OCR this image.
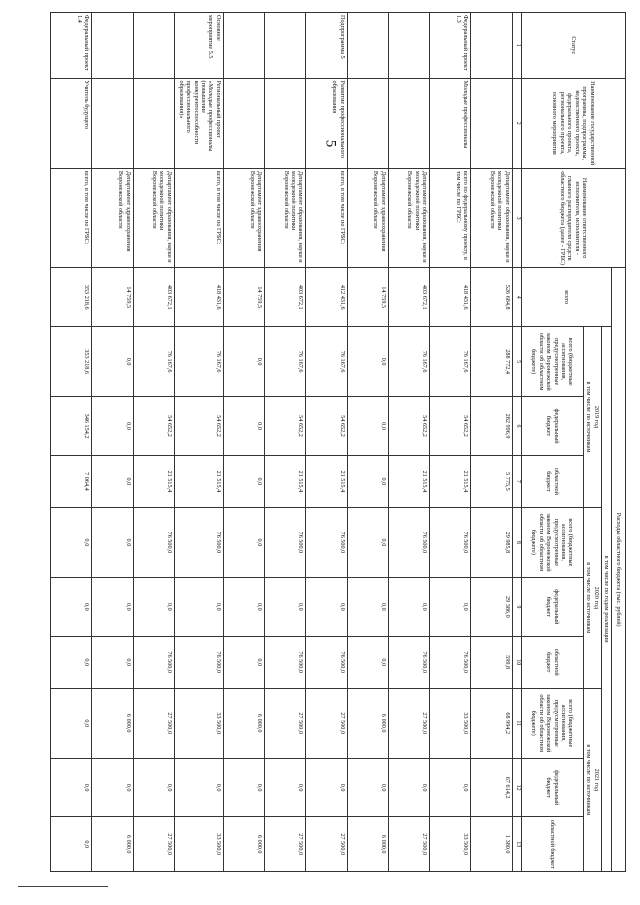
5
Статус	Наименование государственной программы, подпрограммы, ведомственного проекта, федерального проекта, регионального проекта, основного мероприятия	Наименование ответственного исполнителя, исполнителя - главного распорядителя средств областного бюджета (далее - ГРБС)	Расходы областного бюджета (тыс. рублей)									
			всего	в том числе по годам реализации								
				2019 год
в том числе по источникам			2020 год
в том числе по источникам			2021 год
в том числе по источникам		
				всего (бюджетные ассигнования, предусмотренные законом Воронежской области об областном бюджете)	федеральный бюджет	областной бюджет	всего (бюджетные ассигнования, предусмотренные законом Воронежской области об областном бюджете)	федеральный бюджет	областной бюджет	всего (бюджетные ассигнования, предусмотренные законом Воронежской области об областном бюджете)	федеральный бюджет	областной бюджет
1	2	3	4	5	6	7	8	9	10	11	12	13
		Департамент образования, науки и молодежной политики Воронежской области	526 684,8	288 772,4	282 996,9	5 775,5	29 985,8	29 386,0	599,8	68 994,2	67 614,2	1 380,0
Федеральный проект 1.3	Молодые профессионалы	всего по федеральному проекту, в том числе по ГРБС:	418 431,6	76 167,6	54 652,2	21 515,4	76 500,0	0,0	76 500,0	33 500,0	0,0	33 500,0
		Департамент образования, науки и молодежной политики Воронежской области	403 672,1	76 167,6	54 652,2	21 515,4	76 500,0	0,0	76 500,0	27 500,0	0,0	27 500,0
		Департамент здравоохранения Воронежской области	14 759,5	0,0	0,0	0,0	0,0	0,0	0,0	6 000,0	0,0	6 000,0
Подпрограмма 5	Развитие профессионального образования	всего, в том числе по ГРБС:	412 431,6	76 167,6	54 652,2	21 515,4	76 500,0	0,0	76 500,0	27 500,0	0,0	27 500,0
		Департамент образования, науки и молодежной политики Воронежской области	403 672,1	76 167,6	54 652,2	21 515,4	76 500,0	0,0	76 500,0	27 500,0	0,0	27 500,0
		Департамент здравоохранения Воронежской области	14 759,5	0,0	0,0	0,0	0,0	0,0	0,0	6 000,0	0,0	6 000,0
Основное мероприятие 5.5	Региональный проект «Молодые профессионалы (повышение конкурентоспособности профессионального образования)»	всего, в том числе по ГРБС:	418 431,6	76 167,6	54 652,2	21 515,4	76 500,0	0,0	76 500,0	33 500,0	0,0	33 500,0
		Департамент образования, науки и молодежной политики Воронежской области	403 672,1	76 167,6	54 652,2	21 515,4	76 500,0	0,0	76 500,0	27 500,0	0,0	27 500,0
		Департамент здравоохранения Воронежской области	14 759,5	0,0	0,0	0,0	0,0	0,0	0,0	6 000,0	0,0	6 000,0
Федеральный проект 1.4	Учитель будущего	всего, в том числе по ГРБС:	353 218,6	353 218,6	346 154,2	7 064,4	0,0	0,0	0,0	0,0	0,0	0,0
